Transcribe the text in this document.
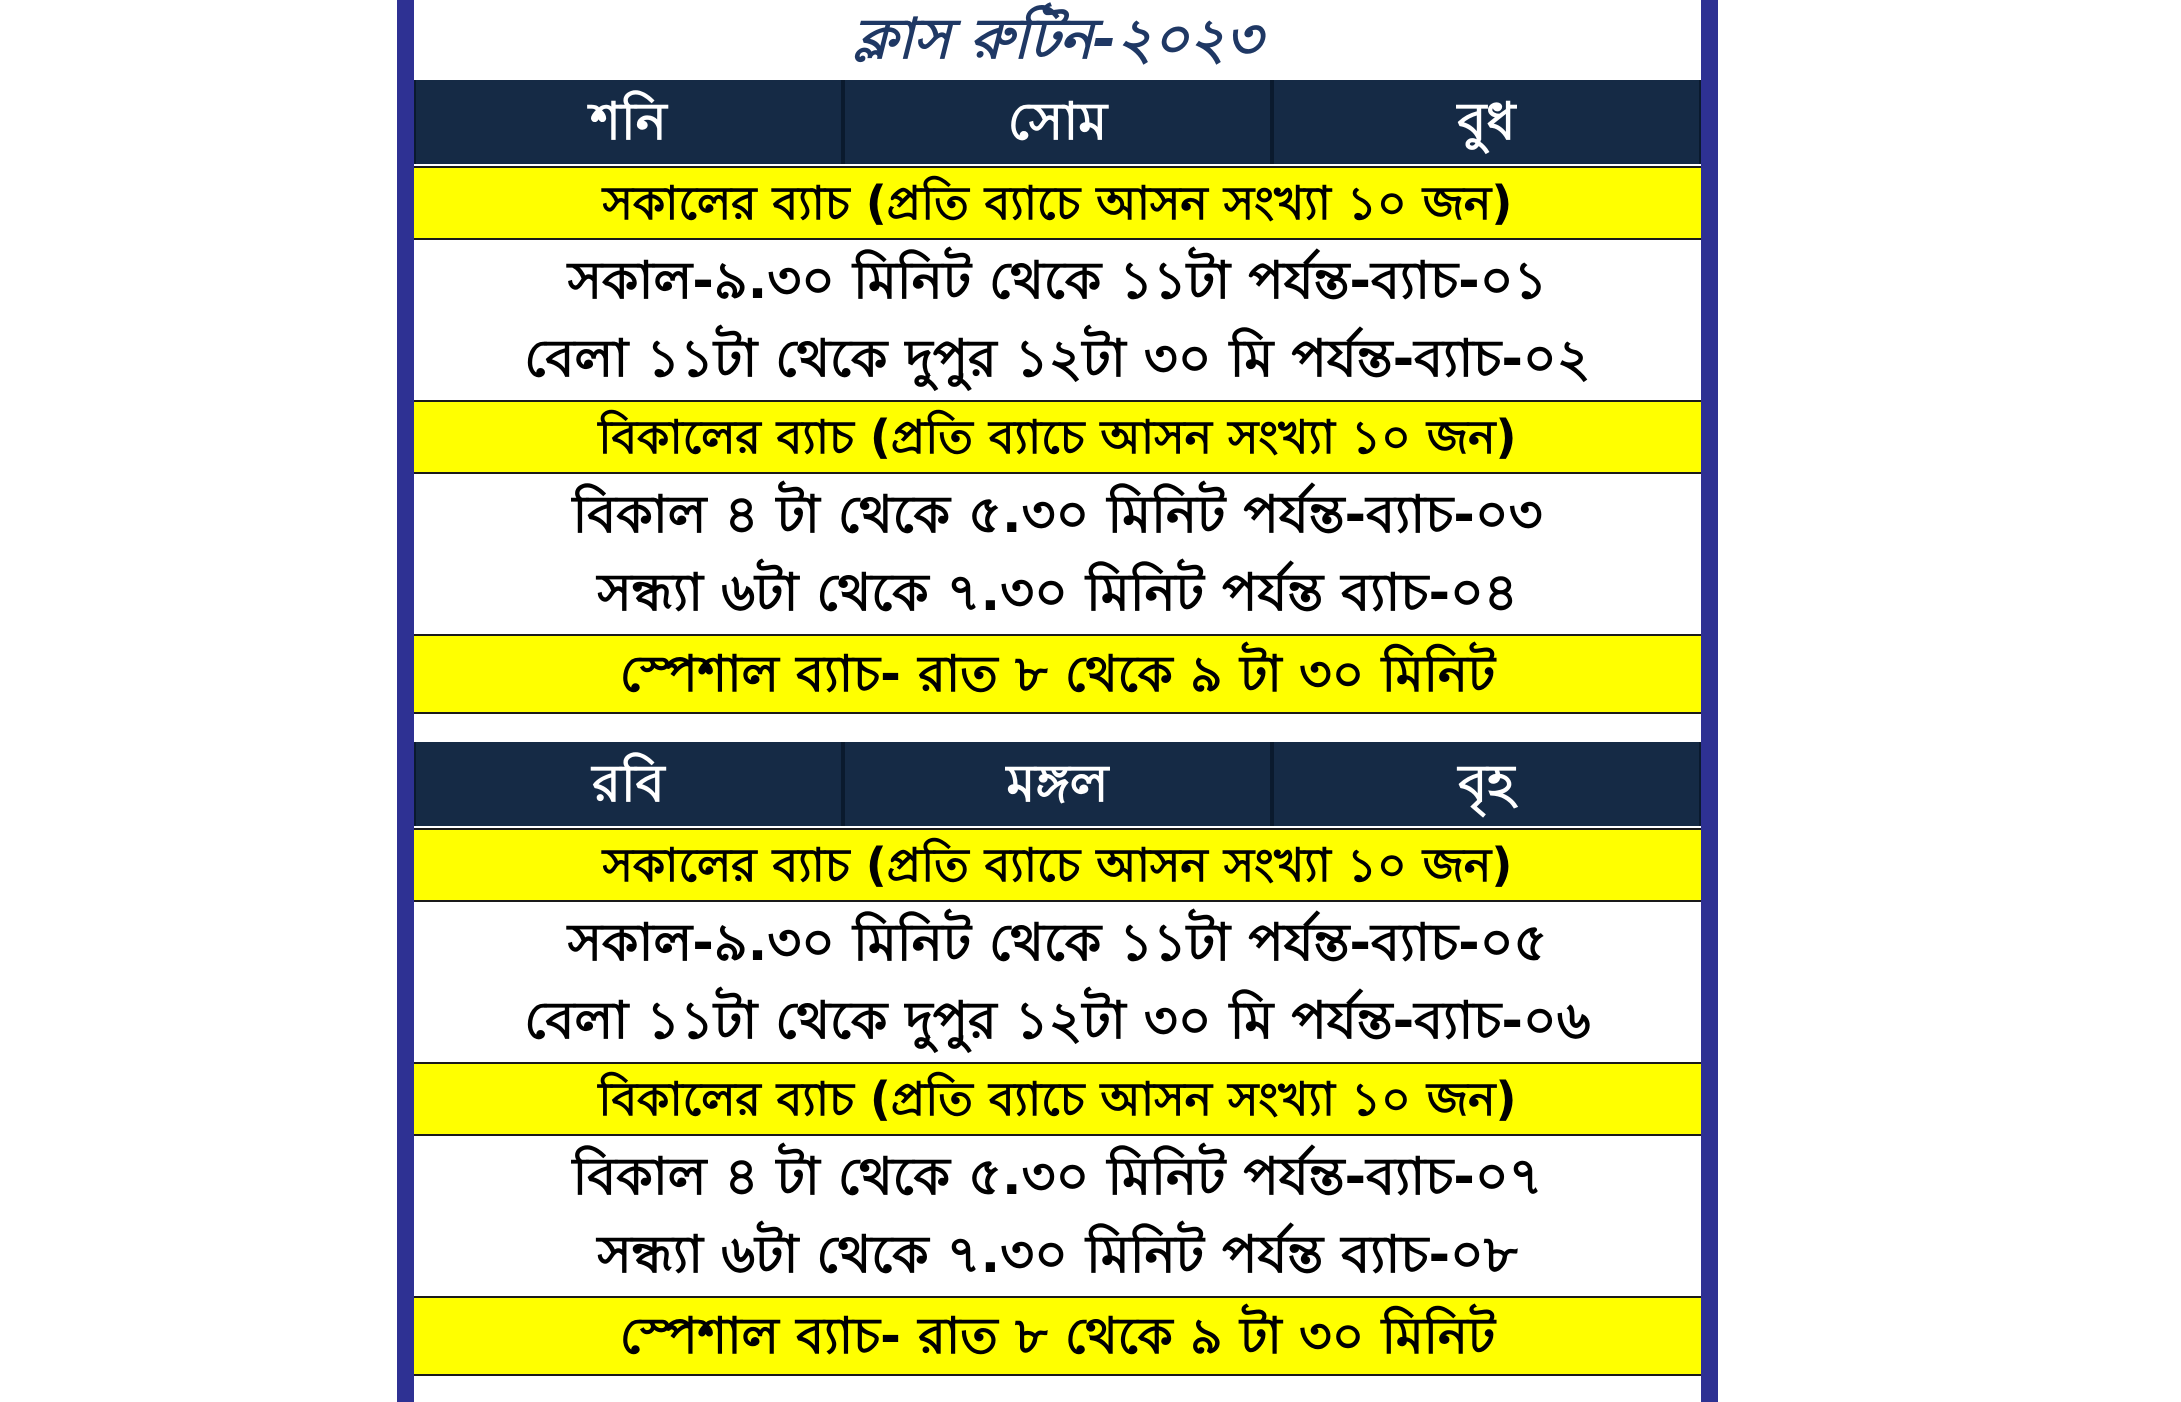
ক্লাস রুটিন-২০২৩
শনি	সোম	বুধ
সকালের ব্যাচ (প্রতি ব্যাচে আসন সংখ্যা ১০ জন)
সকাল-৯.৩০ মিনিট থেকে ১১টা পর্যন্ত-ব্যাচ-০১
বেলা ১১টা থেকে দুপুর ১২টা ৩০ মি পর্যন্ত-ব্যাচ-০২
বিকালের ব্যাচ (প্রতি ব্যাচে আসন সংখ্যা ১০ জন)
বিকাল ৪ টা থেকে ৫.৩০ মিনিট পর্যন্ত-ব্যাচ-০৩
সন্ধ্যা ৬টা থেকে ৭.৩০ মিনিট পর্যন্ত ব্যাচ-০৪
স্পেশাল ব্যাচ- রাত ৮ থেকে ৯ টা ৩০ মিনিট
রবি	মঙ্গল	বৃহ
সকালের ব্যাচ (প্রতি ব্যাচে আসন সংখ্যা ১০ জন)
সকাল-৯.৩০ মিনিট থেকে ১১টা পর্যন্ত-ব্যাচ-০৫
বেলা ১১টা থেকে দুপুর ১২টা ৩০ মি পর্যন্ত-ব্যাচ-০৬
বিকালের ব্যাচ (প্রতি ব্যাচে আসন সংখ্যা ১০ জন)
বিকাল ৪ টা থেকে ৫.৩০ মিনিট পর্যন্ত-ব্যাচ-০৭
সন্ধ্যা ৬টা থেকে ৭.৩০ মিনিট পর্যন্ত ব্যাচ-০৮
স্পেশাল ব্যাচ- রাত ৮ থেকে ৯ টা ৩০ মিনিট
